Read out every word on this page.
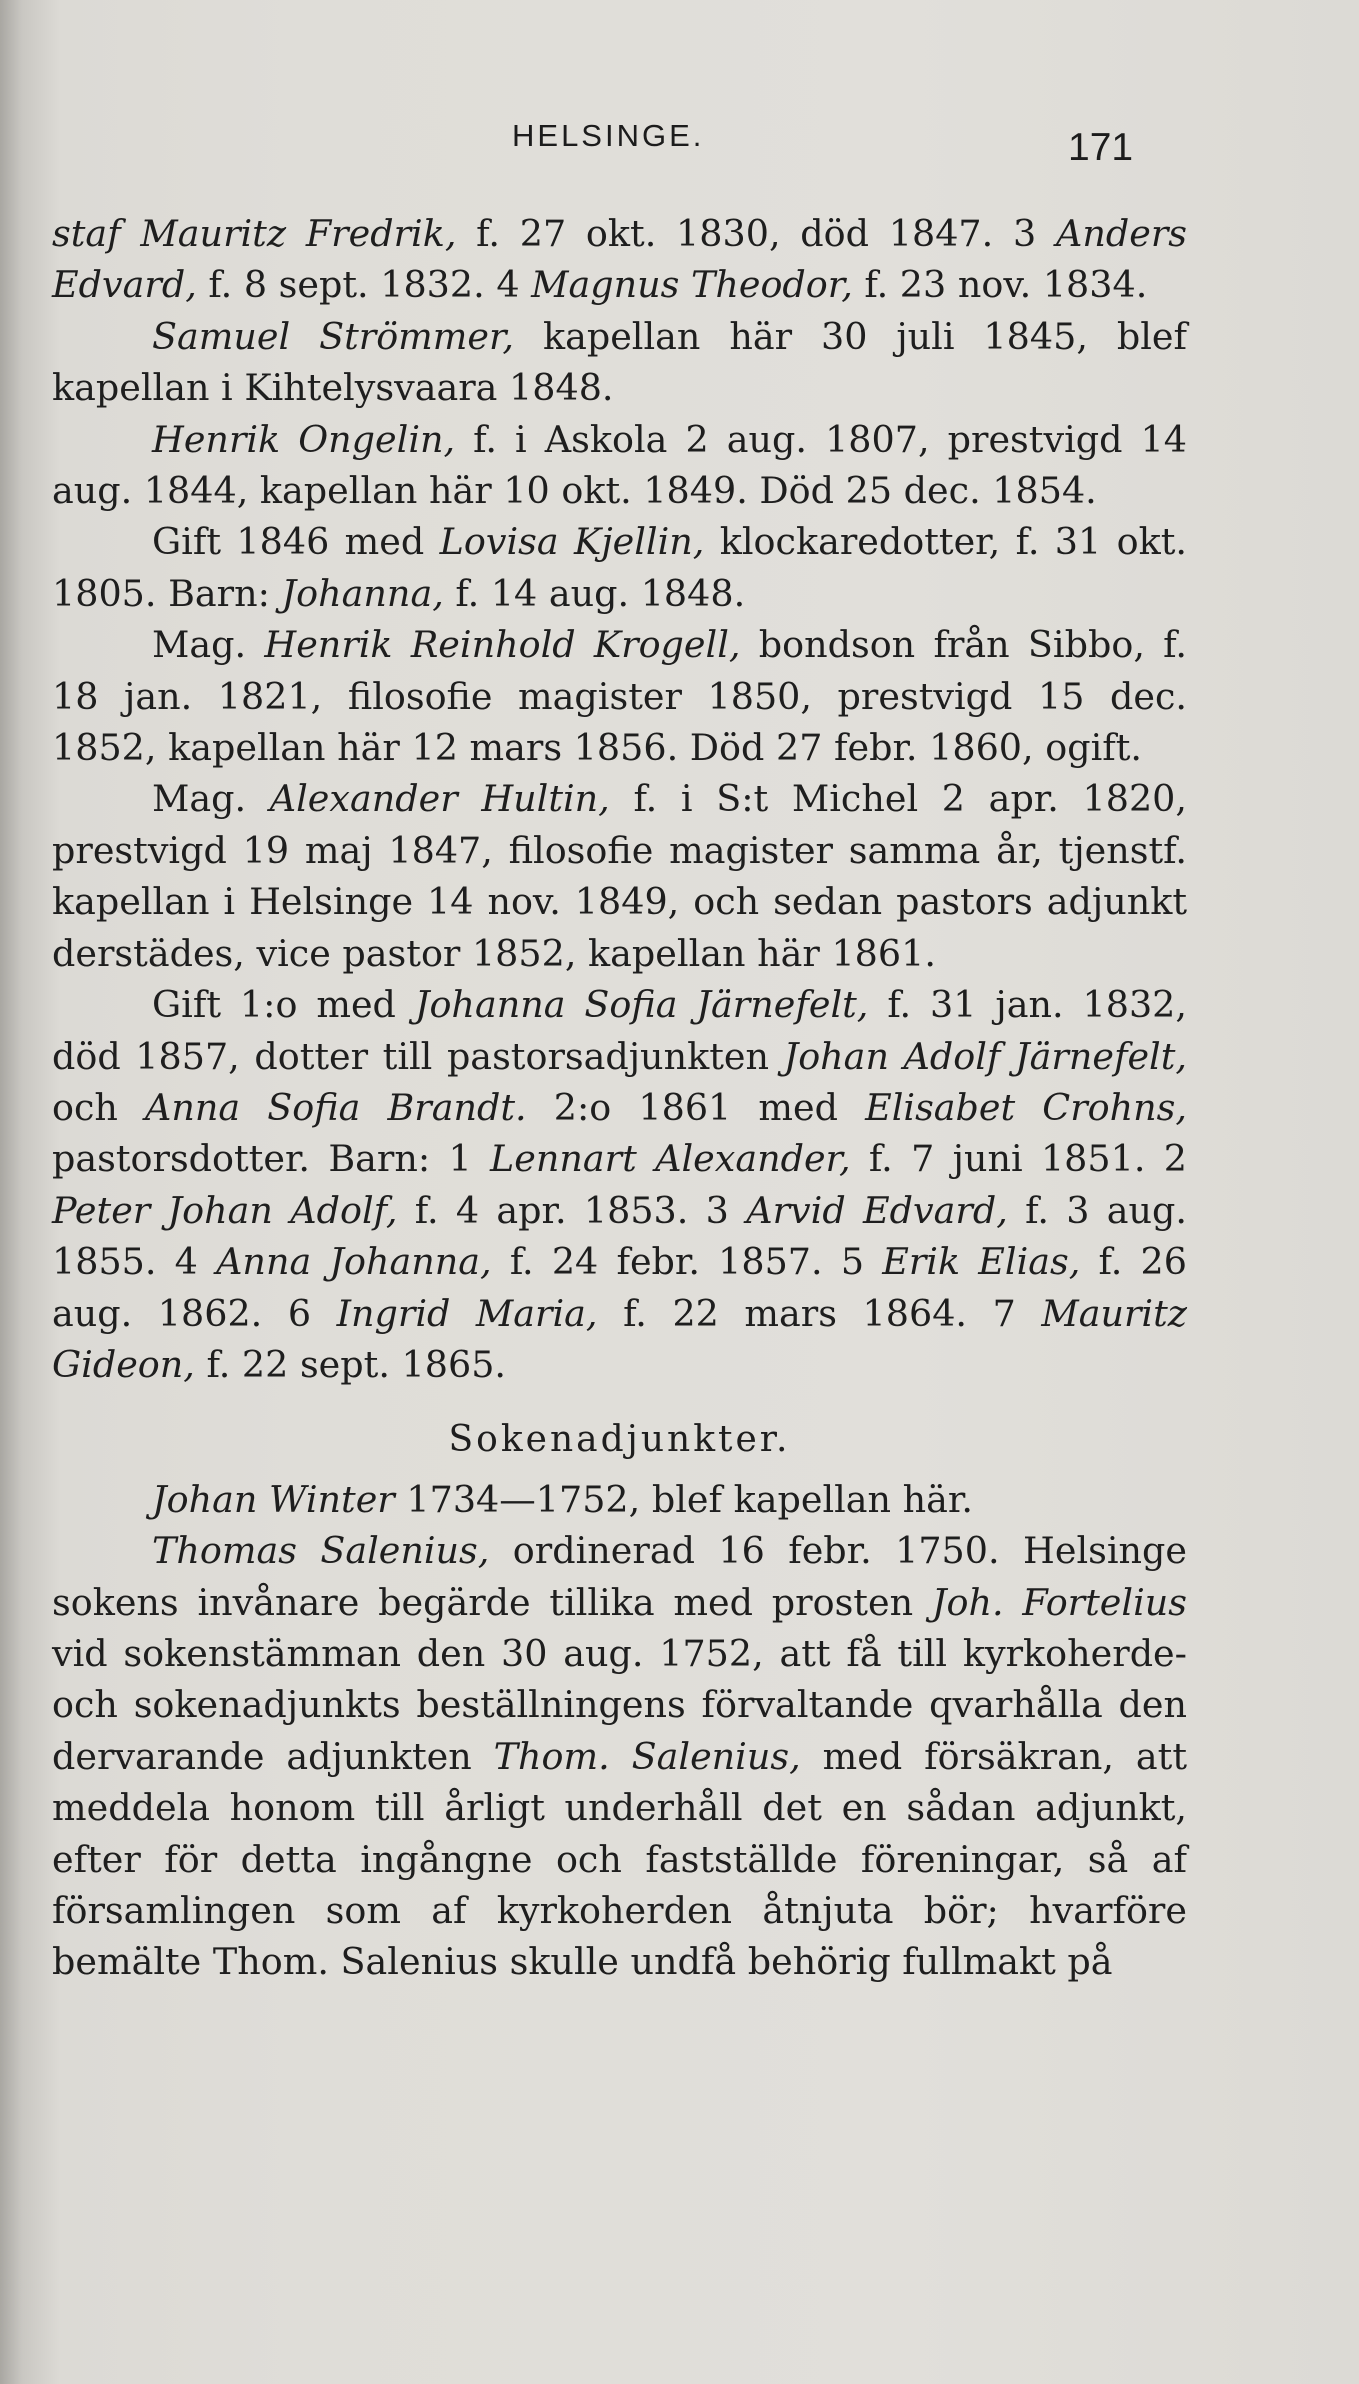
HELSINGE.	171

staf Mauritz Fredrik, f. 27 okt. 1830, död 1847. 3 Anders Edvard, f. 8 sept. 1832. 4 Magnus Theodor, f. 23 nov. 1834.

Samuel Strömmer, kapellan här 30 juli 1845, blef kapellan i Kihtelysvaara 1848.

Henrik Ongelin, f. i Askola 2 aug. 1807, prestvigd 14 aug. 1844, kapellan här 10 okt. 1849. Död 25 dec. 1854.

Gift 1846 med Lovisa Kjellin, klockaredotter, f. 31 okt. 1805. Barn: Johanna, f. 14 aug. 1848.

Mag. Henrik Reinhold Krogell, bondson från Sibbo, f. 18 jan. 1821, filosofie magister 1850, prestvigd 15 dec. 1852, kapellan här 12 mars 1856. Död 27 febr. 1860, ogift.

Mag. Alexander Hultin, f. i S:t Michel 2 apr. 1820, prestvigd 19 maj 1847, filosofie magister samma år, tjenstf. kapellan i Helsinge 14 nov. 1849, och sedan pastors adjunkt derstädes, vice pastor 1852, kapellan här 1861.

Gift 1:o med Johanna Sofia Järnefelt, f. 31 jan. 1832, död 1857, dotter till pastorsadjunkten Johan Adolf Järnefelt, och Anna Sofia Brandt. 2:o 1861 med Elisabet Crohns, pastorsdotter. Barn: 1 Lennart Alexander, f. 7 juni 1851. 2 Peter Johan Adolf, f. 4 apr. 1853. 3 Arvid Edvard, f. 3 aug. 1855. 4 Anna Johanna, f. 24 febr. 1857. 5 Erik Elias, f. 26 aug. 1862. 6 Ingrid Maria, f. 22 mars 1864. 7 Mauritz Gideon, f. 22 sept. 1865.

Sokenadjunkter.

Johan Winter 1734—1752, blef kapellan här.

Thomas Salenius, ordinerad 16 febr. 1750. Helsinge sokens invånare begärde tillika med prosten Joh. Fortelius vid sokenstämman den 30 aug. 1752, att få till kyrkoherde- och sokenadjunkts beställningens förvaltande qvarhålla den dervarande adjunkten Thom. Salenius, med försäkran, att meddela honom till årligt underhåll det en sådan adjunkt, efter för detta ingångne och fastställde föreningar, så af församlingen som af kyrkoherden åtnjuta bör; hvarföre bemälte Thom. Salenius skulle undfå behörig fullmakt på
